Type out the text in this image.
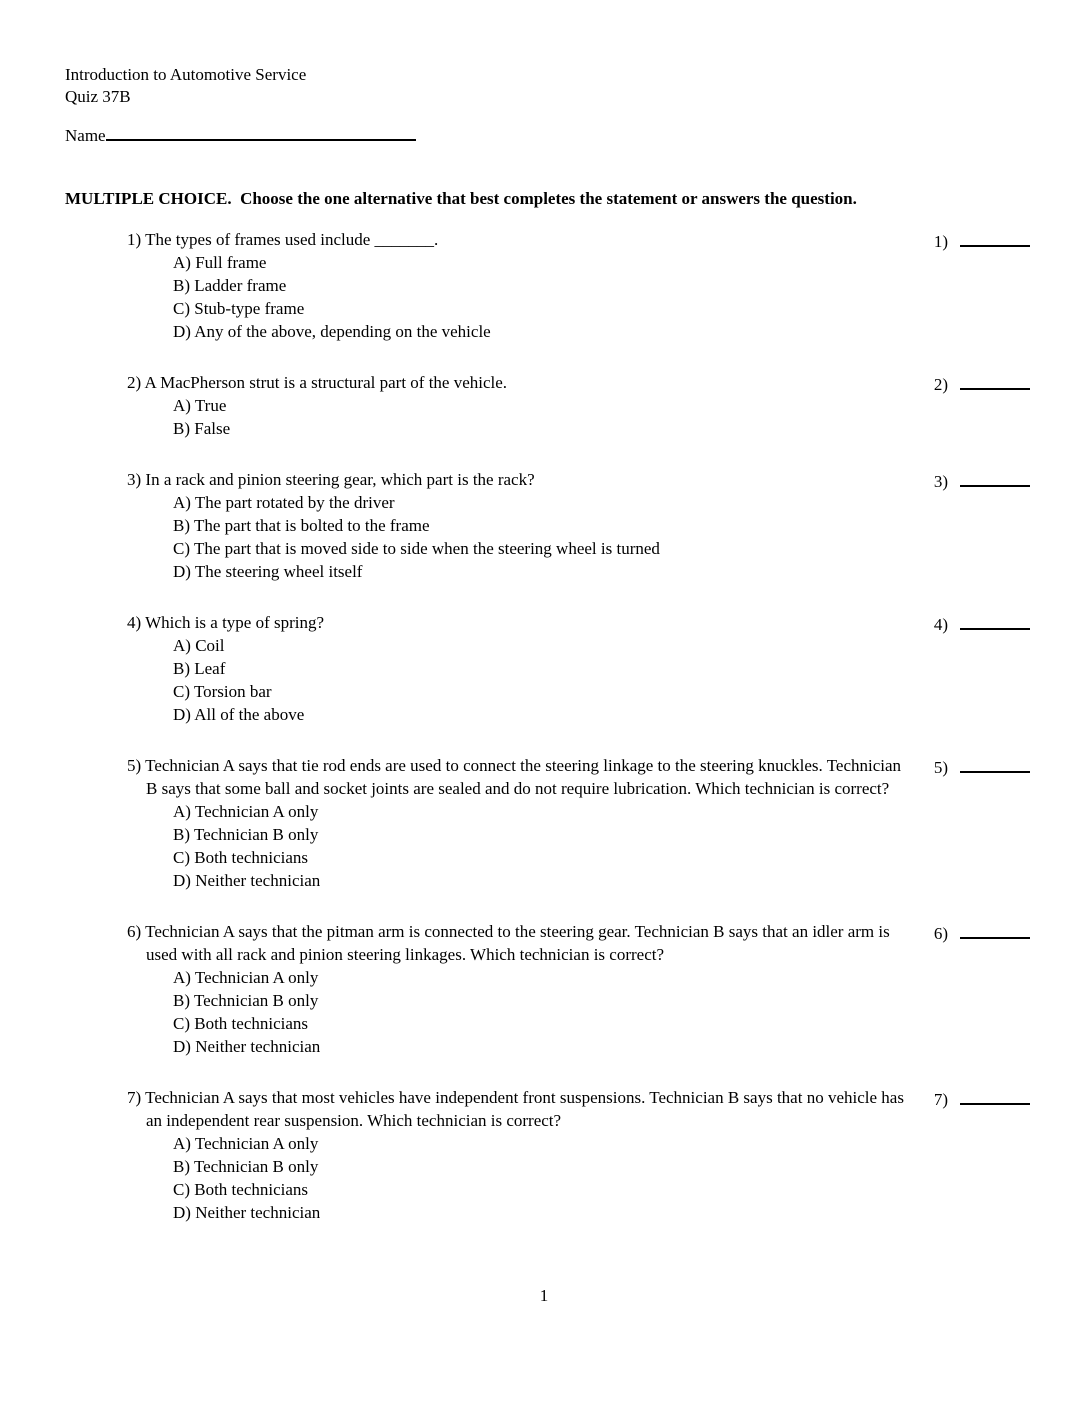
Introduction to Automotive Service
Quiz 37B
Name

MULTIPLE CHOICE.  Choose the one alternative that best completes the statement or answers the question.

1) The types of frames used include _______.

A) Full frame
B) Ladder frame
C) Stub-type frame
D) Any of the above, depending on the vehicle
1)

2) A MacPherson strut is a structural part of the vehicle.

A) True
B) False
2)

3) In a rack and pinion steering gear, which part is the rack?

A) The part rotated by the driver
B) The part that is bolted to the frame
C) The part that is moved side to side when the steering wheel is turned
D) The steering wheel itself
3)

4) Which is a type of spring?

A) Coil
B) Leaf
C) Torsion bar
D) All of the above
4)

5) Technician A says that tie rod ends are used to connect the steering linkage to the steering knuckles. Technician B says that some ball and socket joints are sealed and do not require lubrication. Which technician is correct?

A) Technician A only
B) Technician B only
C) Both technicians
D) Neither technician
5)

6) Technician A says that the pitman arm is connected to the steering gear. Technician B says that an idler arm is used with all rack and pinion steering linkages. Which technician is correct?

A) Technician A only
B) Technician B only
C) Both technicians
D) Neither technician
6)

7) Technician A says that most vehicles have independent front suspensions. Technician B says that no vehicle has an independent rear suspension. Which technician is correct?

A) Technician A only
B) Technician B only
C) Both technicians
D) Neither technician
7)
1
